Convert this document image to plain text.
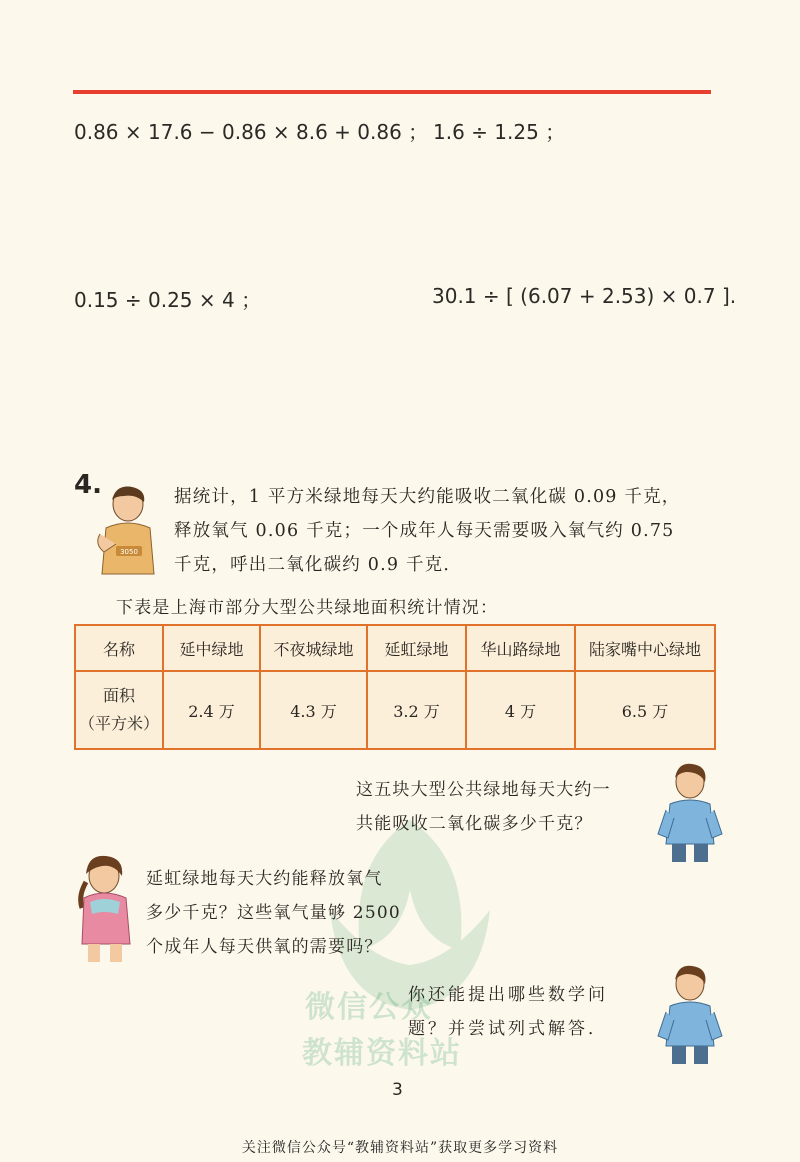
0.86 × 17.6 − 0.86 × 8.6 + 0.86 ； 1.6 ÷ 1.25 ；
0.15 ÷ 0.25 × 4 ；	30.1 ÷ [ (6.07 + 2.53) × 0.7 ].
4.
3050
据统计，1 平方米绿地每天大约能吸收二氧化碳 0.09 千克，
释放氧气 0.06 千克；一个成年人每天需要吸入氧气约 0.75
千克，呼出二氧化碳约 0.9 千克．
下表是上海市部分大型公共绿地面积统计情况：
名称	延中绿地	不夜城绿地	延虹绿地	华山路绿地	陆家嘴中心绿地

面积
（平方米）	2.4 万	4.3 万	3.2 万	4 万	6.5 万
微信公众
教辅资料站
这五块大型公共绿地每天大约一
共能吸收二氧化碳多少千克？
延虹绿地每天大约能释放氧气
多少千克？这些氧气量够 2500
个成年人每天供氧的需要吗？
你还能提出哪些数学问
题？并尝试列式解答．
3
关注微信公众号“教辅资料站”获取更多学习资料
